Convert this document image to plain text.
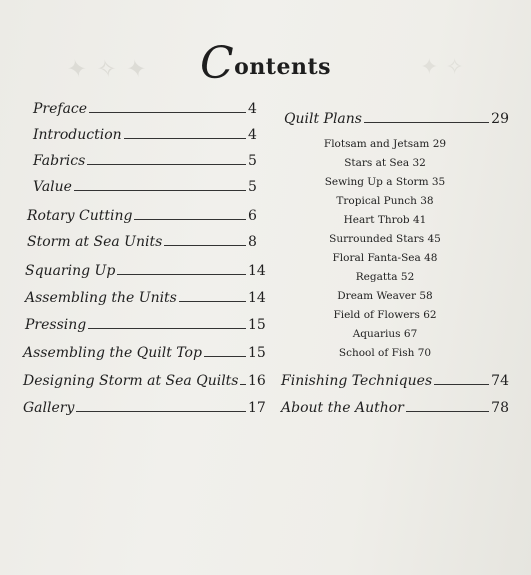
✦ ✧ ✦	✧ ✦
Contents
Preface	4
Introduction	4
Fabrics	5
Value	5
Rotary Cutting	6
Storm at Sea Units	8
Squaring Up	14
Assembling the Units	14
Pressing	15
Assembling the Quilt Top	15
Designing Storm at Sea Quilts 16
Gallery	17
Quilt Plans	29
Flotsam and Jetsam 29
Stars at Sea 32
Sewing Up a Storm 35
Tropical Punch 38
Heart Throb 41
Surrounded Stars 45
Floral Fanta-Sea 48
Regatta 52
Dream Weaver 58
Field of Flowers 62
Aquarius 67
School of Fish 70
Finishing Techniques	74
About the Author	78
